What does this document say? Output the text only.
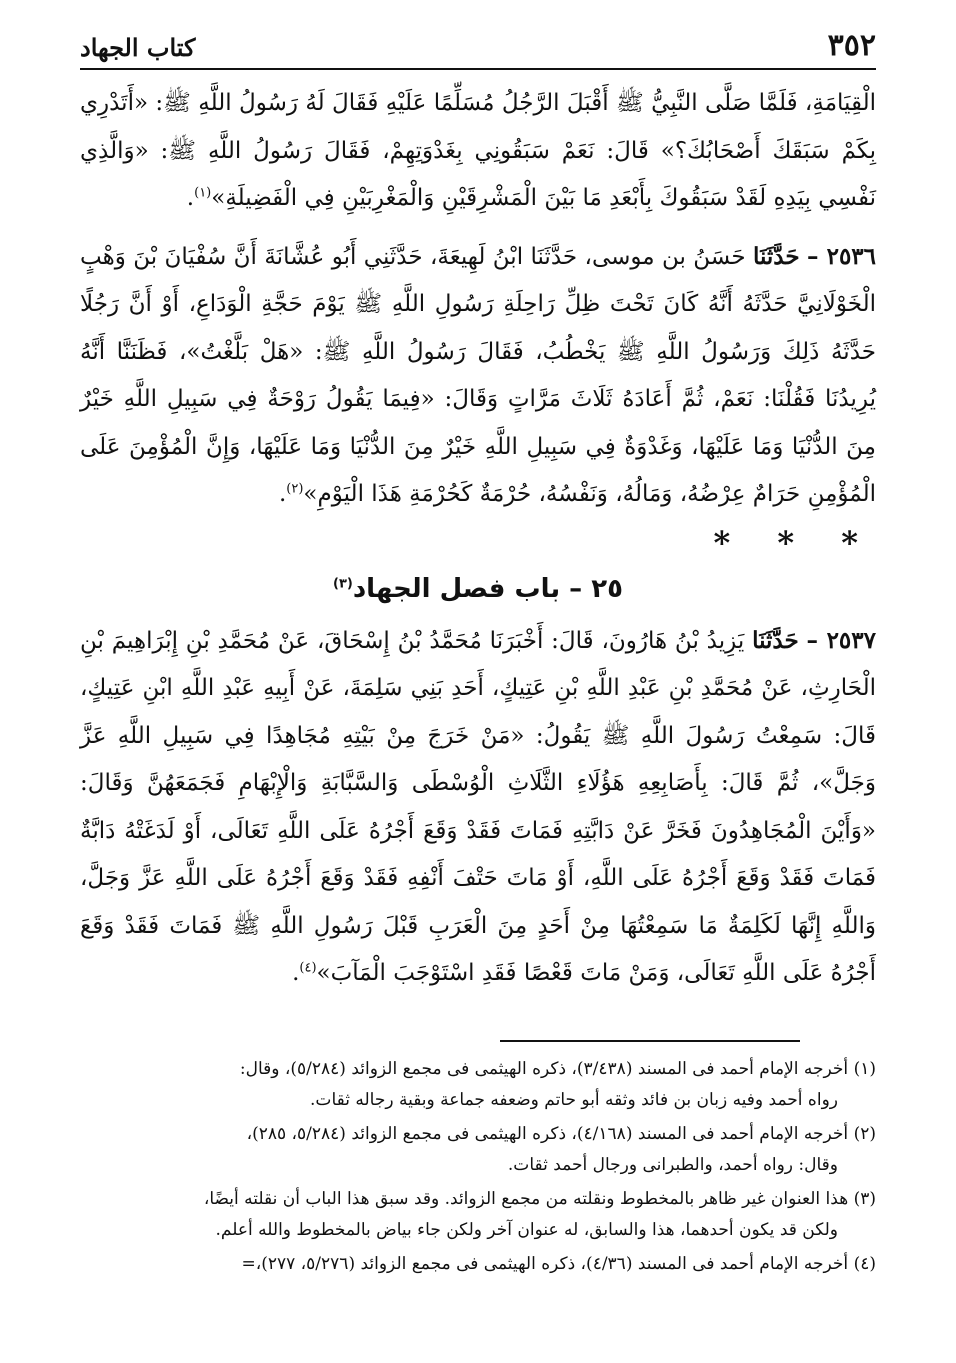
٣٥٢
كتاب الجهاد

الْقِيَامَةِ، فَلَمَّا صَلَّى النَّبِيُّ ﷺ أَقْبَلَ الرَّجُلُ مُسَلِّمًا عَلَيْهِ فَقَالَ لَهُ رَسُولُ اللَّهِ ﷺ: «أَتَدْرِي بِكَمْ سَبَقَكَ أَصْحَابُكَ؟» قَالَ: نَعَمْ سَبَقُونِي بِغَدْوَتِهِمْ، فَقَالَ رَسُولُ اللَّهِ ﷺ: «وَالَّذِي نَفْسِي بِيَدِهِ لَقَدْ سَبَقُوكَ بِأَبْعَدِ مَا بَيْنَ الْمَشْرِقَيْنِ وَالْمَغْرِبَيْنِ فِي الْفَضِيلَةِ»$^{(١)}$.

٢٥٣٦ – حَدَّثَنَا حَسَنُ بن موسى، حَدَّثَنَا ابْنُ لَهِيعَةَ، حَدَّثَنِي أَبُو عُشَّانَةَ أَنَّ سُفْيَانَ بْنَ وَهْبٍ الْخَوْلَانِيَّ حَدَّثَهُ أَنَّهُ كَانَ تَحْتَ ظِلِّ رَاحِلَةِ رَسُولِ اللَّهِ ﷺ يَوْمَ حَجَّةِ الْوَدَاعِ، أَوْ أَنَّ رَجُلًا حَدَّثَهُ ذَلِكَ وَرَسُولُ اللَّهِ ﷺ يَخْطُبُ، فَقَالَ رَسُولُ اللَّهِ ﷺ: «هَلْ بَلَّغْتُ»، فَظَنَنَّا أَنَّهُ يُرِيدُنَا فَقُلْنَا: نَعَمْ، ثُمَّ أَعَادَهُ ثَلَاثَ مَرَّاتٍ وَقَالَ: «فِيمَا يَقُولُ رَوْحَةٌ فِي سَبِيلِ اللَّهِ خَيْرٌ مِنَ الدُّنْيَا وَمَا عَلَيْهَا، وَغَدْوَةٌ فِي سَبِيلِ اللَّهِ خَيْرٌ مِنَ الدُّنْيَا وَمَا عَلَيْهَا، وَإِنَّ الْمُؤْمِنَ عَلَى الْمُؤْمِنِ حَرَامٌ عِرْضُهُ، وَمَالُهُ، وَنَفْسُهُ، حُرْمَةٌ كَحُرْمَةِ هَذَا الْيَوْمِ»$^{(٢)}$.

* * *

٢٥ – باب فصل الجهاد$^{(٣)}$

٢٥٣٧ – حَدَّثَنَا يَزِيدُ بْنُ هَارُونَ، قَالَ: أَخْبَرَنَا مُحَمَّدُ بْنُ إِسْحَاقَ، عَنْ مُحَمَّدِ بْنِ إِبْرَاهِيمَ بْنِ الْحَارِثِ، عَنْ مُحَمَّدِ بْنِ عَبْدِ اللَّهِ بْنِ عَتِيكٍ، أَحَدِ بَنِي سَلِمَةَ، عَنْ أَبِيهِ عَبْدِ اللَّهِ ابْنِ عَتِيكٍ، قَالَ: سَمِعْتُ رَسُولَ اللَّهِ ﷺ يَقُولُ: «مَنْ خَرَجَ مِنْ بَيْتِهِ مُجَاهِدًا فِي سَبِيلِ اللَّهِ عَزَّ وَجَلَّ»، ثُمَّ قَالَ: بِأَصَابِعِهِ هَؤُلَاءِ الثَّلَاثِ الْوُسْطَى وَالسَّبَّابَةِ وَالْإِبْهَامِ فَجَمَعَهُنَّ وَقَالَ: «وَأَيْنَ الْمُجَاهِدُونَ فَخَرَّ عَنْ دَابَّتِهِ فَمَاتَ فَقَدْ وَقَعَ أَجْرُهُ عَلَى اللَّهِ تَعَالَى، أَوْ لَدَغَتْهُ دَابَّةٌ فَمَاتَ فَقَدْ وَقَعَ أَجْرُهُ عَلَى اللَّهِ، أَوْ مَاتَ حَتْفَ أَنْفِهِ فَقَدْ وَقَعَ أَجْرُهُ عَلَى اللَّهِ عَزَّ وَجَلَّ، وَاللَّهِ إِنَّهَا لَكَلِمَةٌ مَا سَمِعْتُهَا مِنْ أَحَدٍ مِنَ الْعَرَبِ قَبْلَ رَسُولِ اللَّهِ ﷺ فَمَاتَ فَقَدْ وَقَعَ أَجْرُهُ عَلَى اللَّهِ تَعَالَى، وَمَنْ مَاتَ قَعْصًا فَقَدِ اسْتَوْجَبَ الْمَآبَ»$^{(٤)}$.

(١) أخرجه الإمام أحمد فى المسند (٣/٤٣٨)، ذكره الهيثمى فى مجمع الزوائد (٥/٢٨٤)، وقال:

رواه أحمد وفيه زبان بن فائد وثقه أبو حاتم وضعفه جماعة وبقية رجاله ثقات.

(٢) أخرجه الإمام أحمد فى المسند (٤/١٦٨)، ذكره الهيثمى فى مجمع الزوائد (٥/٢٨٤، ٢٨٥)،

وقال: رواه أحمد، والطبرانى ورجال أحمد ثقات.

(٣) هذا العنوان غير ظاهر بالمخطوط ونقلته من مجمع الزوائد. وقد سبق هذا الباب أن نقلته أيضًا،

ولكن قد يكون أحدهما، هذا والسابق، له عنوان آخر ولكن جاء بياض بالمخطوط والله أعلم.

(٤) أخرجه الإمام أحمد فى المسند (٤/٣٦)، ذكره الهيثمى فى مجمع الزوائد (٥/٢٧٦، ٢٧٧)،=
